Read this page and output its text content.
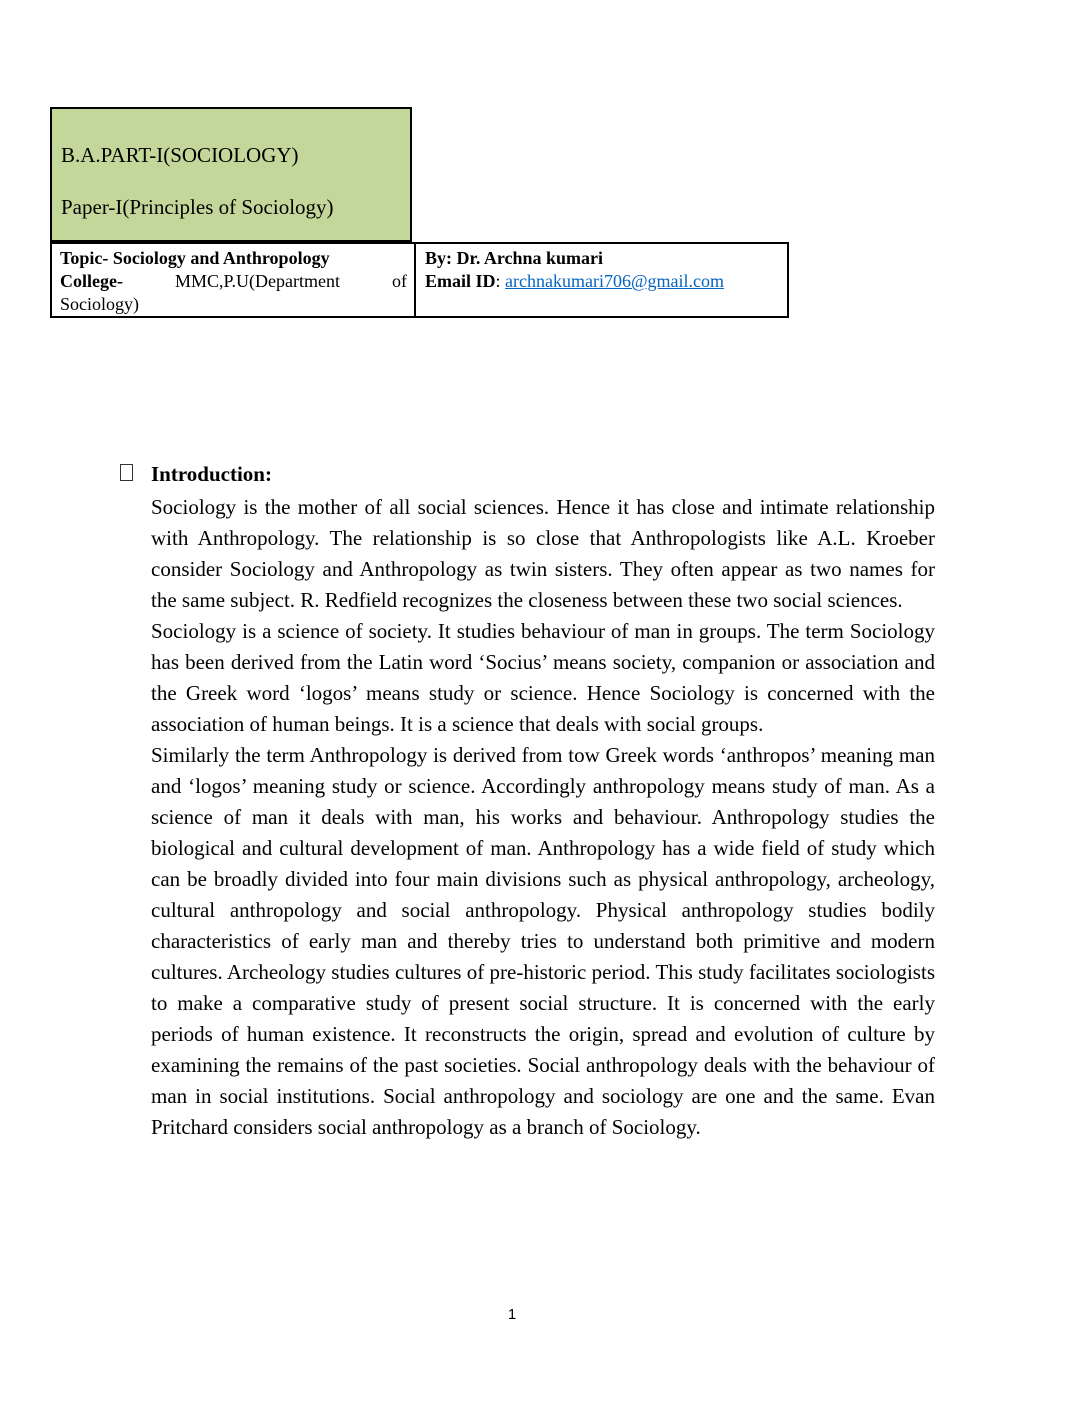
B.A.PART-I(SOCIOLOGY)
Paper-I(Principles of Sociology)
Topic- Sociology and Anthropology
College-	MMC,P.U(Department of
Sociology)
By: Dr. Archna kumari
Email ID: archnakumari706@gmail.com
Introduction:

Sociology is the mother of all social sciences. Hence it has close and intimate relationship with Anthropology. The relationship is so close that Anthropologists like A.L. Kroeber consider Sociology and Anthropology as twin sisters. They often appear as two names for the same subject. R. Redfield recognizes the closeness between these two social sciences.

Sociology is a science of society. It studies behaviour of man in groups. The term Sociology has been derived from the Latin word ‘Socius’ means society, companion or association and the Greek word ‘logos’ means study or science. Hence Sociology is concerned with the association of human beings. It is a science that deals with social groups.

Similarly the term Anthropology is derived from tow Greek words ‘anthropos’ meaning man and ‘logos’ meaning study or science. Accordingly anthropology means study of man. As a science of man it deals with man, his works and behaviour. Anthropology studies the biological and cultural development of man. Anthropology has a wide field of study which can be broadly divided into four main divisions such as physical anthropology, archeology, cultural anthropology and social anthropology. Physical anthropology studies bodily characteristics of early man and thereby tries to understand both primitive and modern cultures. Archeology studies cultures of pre-historic period. This study facilitates sociologists to make a comparative study of present social structure. It is concerned with the early periods of human existence. It reconstructs the origin, spread and evolution of culture by examining the remains of the past societies. Social anthropology deals with the behaviour of man in social institutions. Social anthropology and sociology are one and the same. Evan Pritchard considers social anthropology as a branch of Sociology.

1
